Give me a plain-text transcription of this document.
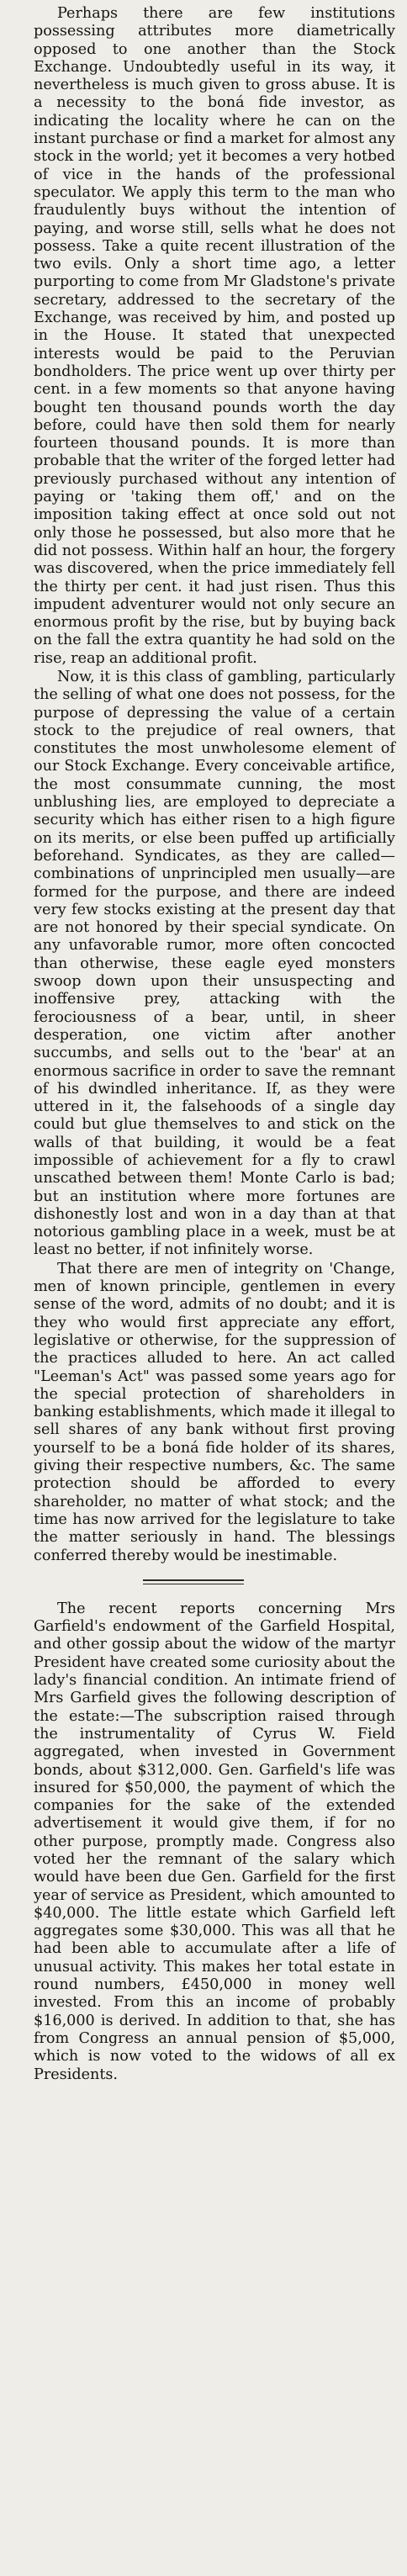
Perhaps there are few institutions possessing attributes more diametrically opposed to one another than the Stock Exchange. Undoubtedly useful in its way, it nevertheless is much given to gross abuse. It is a necessity to the boná fide investor, as indicating the locality where he can on the instant purchase or find a market for almost any stock in the world; yet it becomes a very hotbed of vice in the hands of the professional speculator. We apply this term to the man who fraudulently buys without the intention of paying, and worse still, sells what he does not possess. Take a quite recent illustration of the two evils. Only a short time ago, a letter purporting to come from Mr Gladstone's private secretary, addressed to the secretary of the Exchange, was received by him, and posted up in the House. It stated that unexpected interests would be paid to the Peruvian bondholders. The price went up over thirty per cent. in a few moments so that anyone having bought ten thousand pounds worth the day before, could have then sold them for nearly fourteen thousand pounds. It is more than probable that the writer of the forged letter had previously purchased without any intention of paying or 'taking them off,' and on the imposition taking effect at once sold out not only those he possessed, but also more that he did not possess. Within half an hour, the forgery was discovered, when the price immediately fell the thirty per cent. it had just risen. Thus this impudent adventurer would not only secure an enormous profit by the rise, but by buying back on the fall the extra quantity he had sold on the rise, reap an additional profit.

Now, it is this class of gambling, particularly the selling of what one does not possess, for the purpose of depressing the value of a certain stock to the prejudice of real owners, that constitutes the most unwholesome element of our Stock Exchange. Every conceivable artifice, the most consummate cunning, the most unblushing lies, are employed to depreciate a security which has either risen to a high figure on its merits, or else been puffed up artificially beforehand. Syndicates, as they are called—combinations of unprincipled men usually—are formed for the purpose, and there are indeed very few stocks existing at the present day that are not honored by their special syndicate. On any unfavorable rumor, more often concocted than otherwise, these eagle eyed monsters swoop down upon their unsuspecting and inoffensive prey, attacking with the ferociousness of a bear, until, in sheer desperation, one victim after another succumbs, and sells out to the 'bear' at an enormous sacrifice in order to save the remnant of his dwindled inheritance. If, as they were uttered in it, the falsehoods of a single day could but glue themselves to and stick on the walls of that building, it would be a feat impossible of achievement for a fly to crawl unscathed between them! Monte Carlo is bad; but an institution where more fortunes are dishonestly lost and won in a day than at that notorious gambling place in a week, must be at least no better, if not infinitely worse.

That there are men of integrity on 'Change, men of known principle, gentlemen in every sense of the word, admits of no doubt; and it is they who would first appreciate any effort, legislative or otherwise, for the suppression of the practices alluded to here. An act called "Leeman's Act" was passed some years ago for the special protection of shareholders in banking establishments, which made it illegal to sell shares of any bank without first proving yourself to be a boná fide holder of its shares, giving their respective numbers, &c. The same protection should be afforded to every shareholder, no matter of what stock; and the time has now arrived for the legislature to take the matter seriously in hand. The blessings conferred thereby would be inestimable.

The recent reports concerning Mrs Garfield's endowment of the Garfield Hospital, and other gossip about the widow of the martyr President have created some curiosity about the lady's financial condition. An intimate friend of Mrs Garfield gives the following description of the estate:—The subscription raised through the instrumentality of Cyrus W. Field aggregated, when invested in Government bonds, about $312,000. Gen. Garfield's life was insured for $50,000, the payment of which the companies for the sake of the extended advertisement it would give them, if for no other purpose, promptly made. Congress also voted her the remnant of the salary which would have been due Gen. Garfield for the first year of service as President, which amounted to $40,000. The little estate which Garfield left aggregates some $30,000. This was all that he had been able to accumulate after a life of unusual activity. This makes her total estate in round numbers, £450,000 in money well invested. From this an income of probably $16,000 is derived. In addition to that, she has from Congress an annual pension of $5,000, which is now voted to the widows of all ex Presidents.
